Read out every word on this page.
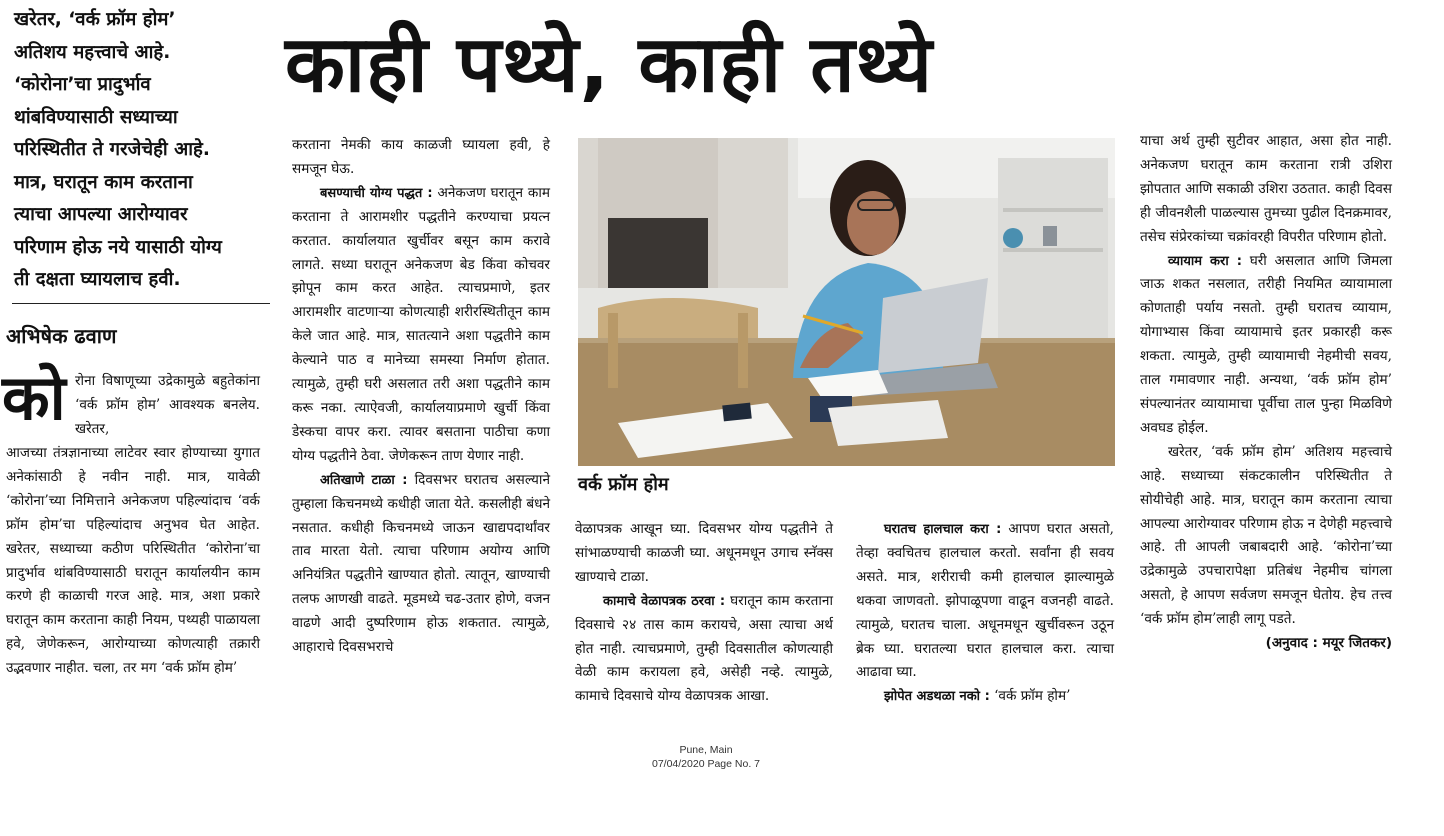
काही पथ्ये, काही तथ्ये

खरेतर, ‘वर्क फ्रॉम होम’

अतिशय महत्त्वाचे आहे.

‘कोरोना’चा प्रादुर्भाव

थांबविण्यासाठी सध्याच्या

परिस्थितीत ते गरजेचेही आहे.

मात्र, घरातून काम करताना

त्याचा आपल्या आरोग्यावर

परिणाम होऊ नये यासाठी योग्य

ती दक्षता घ्यायलाच हवी.

अभिषेक ढवाण
को रोना विषाणूच्या उद्रेकामुळे बहुतेकांना ‘वर्क फ्रॉम होम’ आवश्यक बनलेय. खरेतर,

आजच्या तंत्रज्ञानाच्या लाटेवर स्वार होण्याच्या युगात अनेकांसाठी हे नवीन नाही. मात्र, यावेळी ‘कोरोना’च्या निमित्ताने अनेकजण पहिल्यांदाच ‘वर्क फ्रॉम होम’चा पहिल्यांदाच अनुभव घेत आहेत. खरेतर, सध्याच्या कठीण परिस्थितीत ‘कोरोना’चा प्रादुर्भाव थांबविण्यासाठी घरातून कार्यालयीन काम करणे ही काळाची गरज आहे. मात्र, अशा प्रकारे घरातून काम करताना काही नियम, पथ्यही पाळायला हवे, जेणेकरून, आरोग्याच्या कोणत्याही तक्रारी उद्भवणार नाहीत. चला, तर मग ‘वर्क फ्रॉम होम’

करताना नेमकी काय काळजी घ्यायला हवी, हे समजून घेऊ.

बसण्याची योग्य पद्धत : अनेकजण घरातून काम करताना ते आरामशीर पद्धतीने करण्याचा प्रयत्न करतात. कार्यालयात खुर्चीवर बसून काम करावे लागते. सध्या घरातून अनेकजण बेड किंवा कोचवर झोपून काम करत आहेत. त्याचप्रमाणे, इतर आरामशीर वाटणाऱ्या कोणत्याही शरीरस्थितीतून काम केले जात आहे. मात्र, सातत्याने अशा पद्धतीने काम केल्याने पाठ व मानेच्या समस्या निर्माण होतात. त्यामुळे, तुम्ही घरी असलात तरी अशा पद्धतीने काम करू नका. त्याऐवजी, कार्यालयाप्रमाणे खुर्ची किंवा डेस्कचा वापर करा. त्यावर बसताना पाठीचा कणा योग्य पद्धतीने ठेवा. जेणेकरून ताण येणार नाही.

अतिखाणे टाळा : दिवसभर घरातच असल्याने तुम्हाला किचनमध्ये कधीही जाता येते. कसलीही बंधने नसतात. कधीही किचनमध्ये जाऊन खाद्यपदार्थांवर ताव मारता येतो. त्याचा परिणाम अयोग्य आणि अनियंत्रित पद्धतीने खाण्यात होतो. त्यातून, खाण्याची तलफ आणखी वाढते. मूडमध्ये चढ-उतार होणे, वजन वाढणे आदी दुष्परिणाम होऊ शकतात. त्यामुळे, आहाराचे दिवसभराचे

वर्क फ्रॉम होम

वेळापत्रक आखून घ्या. दिवसभर योग्य पद्धतीने ते सांभाळण्याची काळजी घ्या. अधूनमधून उगाच स्नॅक्स खाण्याचे टाळा.

कामाचे वेळापत्रक ठरवा : घरातून काम करताना दिवसाचे २४ तास काम करायचे, असा त्याचा अर्थ होत नाही. त्याचप्रमाणे, तुम्ही दिवसातील कोणत्याही वेळी काम करायला हवे, असेही नव्हे. त्यामुळे, कामाचे दिवसाचे योग्य वेळापत्रक आखा.

घरातच हालचाल करा : आपण घरात असतो, तेव्हा क्वचितच हालचाल करतो. सर्वांना ही सवय असते. मात्र, शरीराची कमी हालचाल झाल्यामुळे थकवा जाणवतो. झोपाळूपणा वाढून वजनही वाढते. त्यामुळे, घरातच चाला. अधूनमधून खुर्चीवरून उठून ब्रेक घ्या. घरातल्या घरात हालचाल करा. त्याचा आढावा घ्या.

झोपेत अडथळा नको : ‘वर्क फ्रॉम होम’

याचा अर्थ तुम्ही सुटीवर आहात, असा होत नाही. अनेकजण घरातून काम करताना रात्री उशिरा झोपतात आणि सकाळी उशिरा उठतात. काही दिवस ही जीवनशैली पाळल्यास तुमच्या पुढील दिनक्रमावर, तसेच संप्रेरकांच्या चक्रांवरही विपरीत परिणाम होतो.

व्यायाम करा : घरी असलात आणि जिमला जाऊ शकत नसलात, तरीही नियमित व्यायामाला कोणताही पर्याय नसतो. तुम्ही घरातच व्यायाम, योगाभ्यास किंवा व्यायामाचे इतर प्रकारही करू शकता. त्यामुळे, तुम्ही व्यायामाची नेहमीची सवय, ताल गमावणार नाही. अन्यथा, ‘वर्क फ्रॉम होम’ संपल्यानंतर व्यायामाचा पूर्वीचा ताल पुन्हा मिळविणे अवघड होईल.

खरेतर, ‘वर्क फ्रॉम होम’ अतिशय महत्त्वाचे आहे. सध्याच्या संकटकालीन परिस्थितीत ते सोयीचेही आहे. मात्र, घरातून काम करताना त्याचा आपल्या आरोग्यावर परिणाम होऊ न देणेही महत्त्वाचे आहे. ती आपली जबाबदारी आहे. ‘कोरोना’च्या उद्रेकामुळे उपचारापेक्षा प्रतिबंध नेहमीच चांगला असतो, हे आपण सर्वजण समजून घेतोय. हेच तत्त्व ‘वर्क फ्रॉम होम’लाही लागू पडते.

(अनुवाद : मयूर जितकर)

Pune, Main
07/04/2020 Page No. 7
